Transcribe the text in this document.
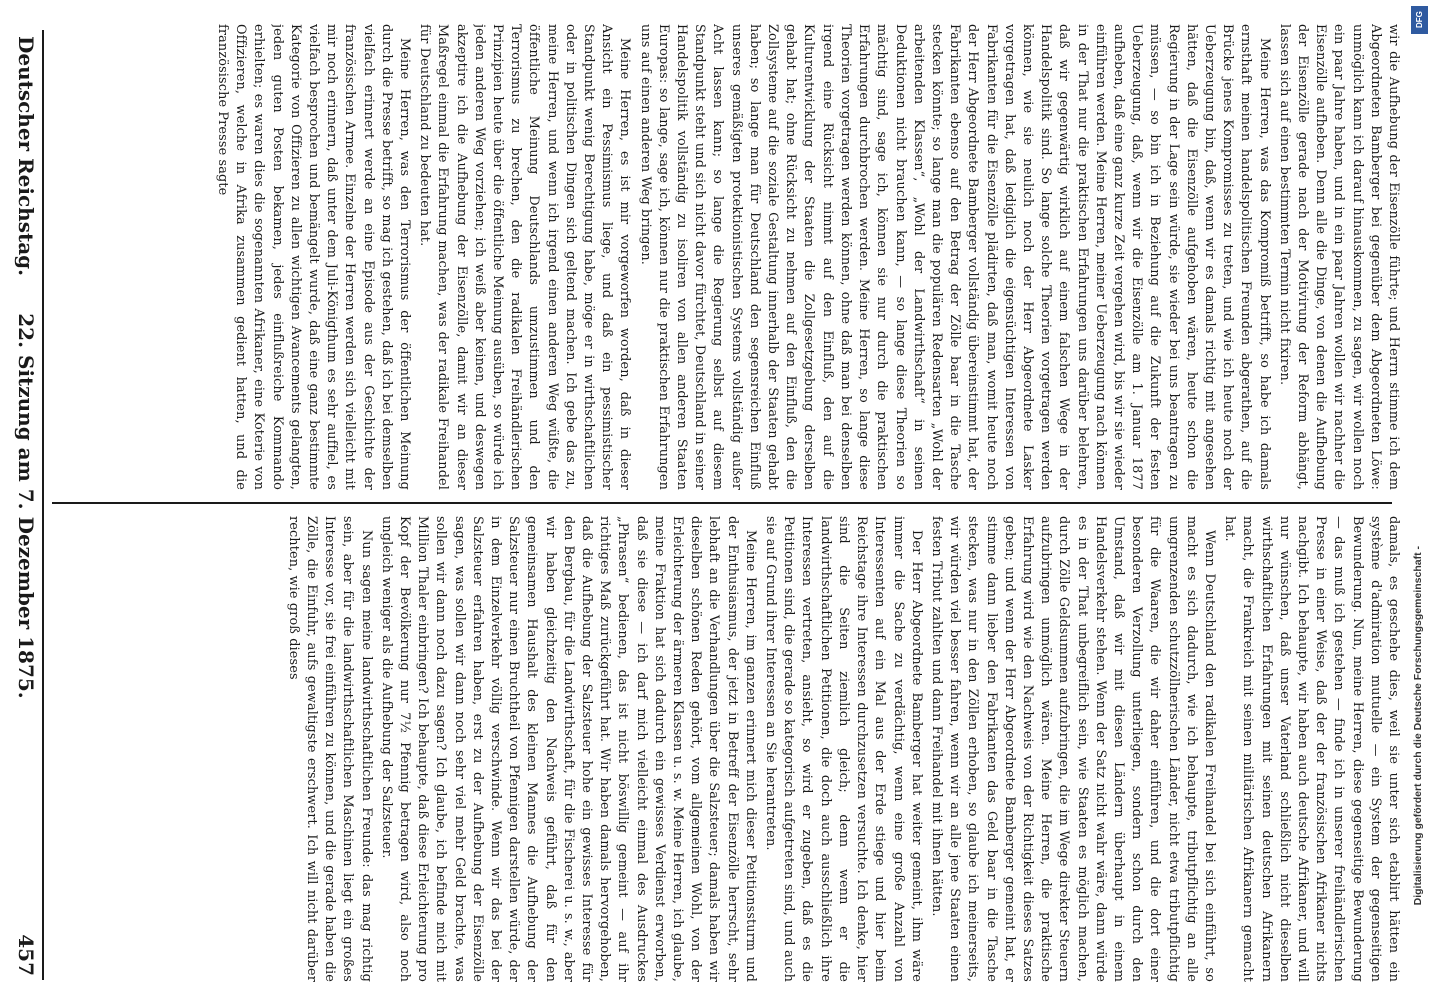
wir die Aufhebung der Eisenzölle führte; und Herrn stimme ich dem Abgeordneten Bamberger bei gegenüber dem Abgeordneten Löwe: unmöglich kann ich darauf hinauskommen, zu sagen, wir wollen noch ein paar Jahre haben, und in ein paar Jahren wollen wir nachher die Eisenzölle aufheben. Denn alle die Dinge, von denen die Aufhebung der Eisenzölle gerade nach der Motivirung der Reform abhängt, lassen sich auf einen bestimmten Termin nicht fixiren.

Meine Herren, was das Kompromiß betrifft, so habe ich damals ernsthaft meinen handelspolitischen Freunden abgerathen, auf die Brücke jenes Kompromisses zu treten, und wie ich heute noch der Ueberzeugung bin, daß, wenn wir es damals richtig mit angesehen hätten, daß die Eisenzölle aufgehoben wären, heute schon die Regierung in der Lage sein würde, sie wieder bei uns beantragen zu müssen, — so bin ich in Beziehung auf die Zukunft der festen Ueberzeugung, daß, wenn wir die Eisenzölle am 1. Januar 1877 aufheben, daß eine ganz kurze Zeit vergehen wird, bis wir sie wieder einführen werden. Meine Herren, meiner Ueberzeugung nach können in der That nur die praktischen Erfahrungen uns darüber belehren, daß wir gegenwärtig wirklich auf einem falschen Wege in der Handelspolitik sind. So lange solche Theorien vorgetragen werden können, wie sie neulich noch der Herr Abgeordnete Lasker vorgetragen hat, daß lediglich die eigensüchtigen Interessen von Fabrikanten für die Eisenzölle plädirten, daß man, womit heute noch der Herr Abgeordnete Bamberger vollständig übereinstimmt hat, der Fabrikanten ebenso auf den Betrag der Zölle baar in die Tasche stecken könnte; so lange man die populären Redensarten „Wohl der arbeitenden Klassen“, „Wohl der Landwirthschaft“ in seinen Deduktionen nicht brauchen kann, — so lange diese Theorien so mächtig sind, sage ich, können sie nur durch die praktischen Erfahrungen durchbrochen werden. Meine Herren, so lange diese Theorien vorgetragen werden können, ohne daß man bei denselben irgend eine Rücksicht nimmt auf den Einfluß, den auf die Kulturentwicklung der Staaten die Zollgesetzgebung derselben gehabt hat; ohne Rücksicht zu nehmen auf den Einfluß, den die Zollsysteme auf die soziale Gestaltung innerhalb der Staaten gehabt haben; so lange man für Deutschland den segensreichen Einfluß unseres gemäßigten protektionistischen Systems vollständig außer Acht lassen kann; so lange die Regierung selbst auf diesem Standpunkt steht und sich nicht davor fürchtet, Deutschland in seiner Handelspolitik vollständig zu isoliren von allen anderen Staaten Europas: so lange, sage ich, können nur die praktischen Erfahrungen uns auf einen anderen Weg bringen.

Meine Herren, es ist mir vorgeworfen worden, daß in dieser Ansicht ein Pessimismus liege, und daß ein pessimistischer Standpunkt wenig Berechtigung habe, möge er in wirthschaftlichen oder in politischen Dingen sich geltend machen. Ich gebe das zu, meine Herren, und wenn ich irgend einen anderen Weg wüßte, die öffentliche Meinung Deutschlands umzustimmen und den Terrorismus zu brechen, den die radikalen Freihändlerischen Prinzipien heute über die öffentliche Meinung ausüben, so würde ich jeden anderen Weg vorziehen; ich weiß aber keinen, und deswegen akzeptire ich die Aufhebung der Eisenzölle, damit wir an dieser Maßregel einmal die Erfahrung machen, was der radikale Freihandel für Deutschland zu bedeuten hat.

Meine Herren, was den Terrorismus der öffentlichen Meinung durch die Presse betrifft, so mag ich gestehen, daß ich bei demselben vielfach erinnert werde an eine Episode aus der Geschichte der französischen Armee. Einzelne der Herren werden sich vielleicht mit mir noch erinnern, daß unter dem Juli-Königthum es sehr auffiel, es vielfach besprochen und bemängelt wurde, daß eine ganz bestimmte Kategorie von Offizieren zu allen wichtigen Avancements gelangten, jeden guten Posten bekamen, jedes einflußreiche Kommando erhielten; es waren dies die sogenannten Afrikaner, eine Koterie von Offizieren, welche in Afrika zusammen gedient hatten, und die französische Presse sagte

damals, es geschehe dies, weil sie unter sich etablirt hätten ein système d'admiration mutuelle — ein System der gegenseitigen Bewunderung. Nun, meine Herren, diese gegenseitige Bewunderung — das muß ich gestehen — finde ich in unserer freihändlerischen Presse in einer Weise, daß der der französischen Afrikaner nichts nachgibt. Ich behaupte, wir haben auch deutsche Afrikaner, und will nur wünschen, daß unser Vaterland schließlich nicht dieselben wirthschaftlichen Erfahrungen mit seinen deutschen Afrikanern macht, die Frankreich mit seinen militärischen Afrikanern gemacht hat.

Wenn Deutschland den radikalen Freihandel bei sich einführt, so macht es sich dadurch, wie ich behaupte, tributpflichtig an alle umgrenzenden schutzzöllnerischen Länder, nicht etwa tributpflichtig für die Waaren, die wir daher einführen, und die dort einer besonderen Verzollung unterliegen, sondern schon durch den Umstand, daß wir mit diesen Ländern überhaupt in einem Handelsverkehr stehen. Wenn der Satz nicht wahr wäre, dann würde es in der That unbegreiflich sein, wie Staaten es möglich machen, durch Zölle Geldsummen aufzubringen, die im Wege direkter Steuern aufzubringen unmöglich wären. Meine Herren, die praktische Erfahrung wird wie den Nachweis von der Richtigkeit dieses Satzes geben; und wenn der Herr Abgeordnete Bamberger gemeint hat, er stimme dann lieber den Fabrikanten das Geld baar in die Tasche stecken, was nur in den Zöllen erhoben, so glaube ich meinerseits, wir würden viel besser fahren, wenn wir an alle jene Staaten einen festen Tribut zahlten und dann Freihandel mit ihnen hätten.

Der Herr Abgeordnete Bamberger hat weiter gemeint, ihm wäre immer die Sache zu verdächtig, wenn eine große Anzahl von Interessenten auf ein Mal aus der Erde stiege und hier beim Reichstage ihre Interessen durchzusetzen versuchte. Ich denke, hier sind die Seiten ziemlich gleich; denn wenn er die landwirthschaftlichen Petitionen, die doch auch ausschließlich ihre Interessen vertreten, ansieht, so wird er zugeben, daß es die Petitionen sind, die gerade so kategorisch aufgetreten sind, und auch sie auf Grund ihrer Interessen an Sie herantreten.

Meine Herren, im ganzen erinnert mich dieser Petitionssturm und der Enthusiasmus, der jetzt in Betreff der Eisenzölle herrscht, sehr lebhaft an die Verhandlungen über die Salzsteuer; damals haben wir dieselben schönen Reden gehört, vom allgemeinen Wohl, von der Erleichterung der ärmeren Klassen u. s. w. Meine Herren, ich glaube, meine Fraktion hat sich dadurch ein gewisses Verdienst erworben, daß sie diese — ich darf mich vielleicht einmal des Ausdruckes „Phrasen“ bedienen, das ist nicht böswillig gemeint — auf ihr richtiges Maß zurückgeführt hat. Wir haben damals hervorgehoben, daß die Aufhebung der Salzsteuer hohe ein gewisses Interesse für den Bergbau, für die Landwirthschaft, für die Fischerei u. s. w., aber wir haben gleichzeitig den Nachweis geführt, daß für den gemeinsamen Haushalt des kleinen Mannes die Aufhebung der Salzsteuer nur einen Bruchtheil von Pfennigen darstellen würde, der in dem Einzelverkehr völlig verschwinde. Wenn wir das bei der Salzsteuer erfahren haben, erst zu der Aufhebung der Eisenzölle sagen, was sollen wir dann noch sehr viel mehr Geld brachte, was sollen wir dann noch dazu sagen? Ich glaube, ich befinde mich mit Million Thaler einbringen? Ich behaupte, daß diese Erleichterung pro Kopf der Bevölkerung nur 7½ Pfennig betragen wird, also noch ungleich weniger als die Aufhebung der Salzsteuer.

Nun sagen meine landwirthschaftlichen Freunde: das mag richtig sein, aber für die landwirthschaftlichen Maschinen liegt ein großes Interesse vor, sie frei einführen zu können, und die gerade haben die Zölle, die Einfuhr, aufs gewaltigste erschwert. Ich will nicht darüber rechten, wie groß dieses

Deutscher Reichstag.
22. Sitzung am 7. Dezember 1875.
457
DFG
Digitalisierung gefördert durch die Deutsche Forschungsgemeinschaft -
